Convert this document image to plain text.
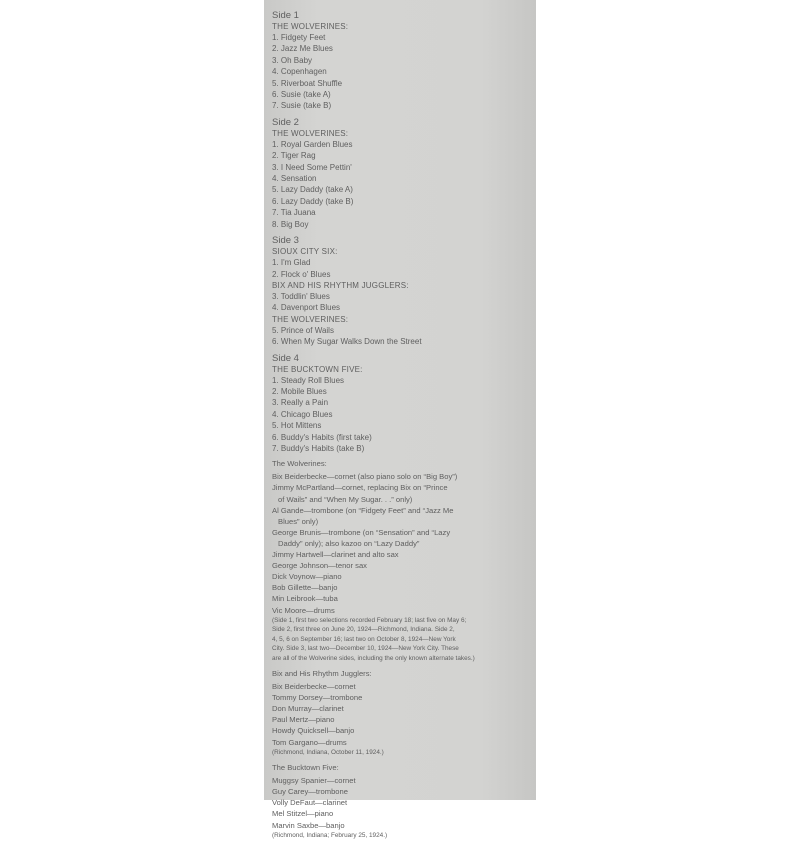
Side 1
THE WOLVERINES:
1. Fidgety Feet
2. Jazz Me Blues
3. Oh Baby
4. Copenhagen
5. Riverboat Shuffle
6. Susie (take A)
7. Susie (take B)
Side 2
THE WOLVERINES:
1. Royal Garden Blues
2. Tiger Rag
3. I Need Some Pettin'
4. Sensation
5. Lazy Daddy (take A)
6. Lazy Daddy (take B)
7. Tia Juana
8. Big Boy
Side 3
SIOUX CITY SIX:
1. I'm Glad
2. Flock o' Blues
BIX AND HIS RHYTHM JUGGLERS:
3. Toddlin' Blues
4. Davenport Blues
THE WOLVERINES:
5. Prince of Wails
6. When My Sugar Walks Down the Street
Side 4
THE BUCKTOWN FIVE:
1. Steady Roll Blues
2. Mobile Blues
3. Really a Pain
4. Chicago Blues
5. Hot Mittens
6. Buddy's Habits (first take)
7. Buddy's Habits (take B)
The Wolverines:
Bix Beiderbecke—cornet (also piano solo on “Big Boy”)
Jimmy McPartland—cornet, replacing Bix on “Prince
of Wails” and “When My Sugar. . .” only)
Al Gande—trombone (on “Fidgety Feet” and “Jazz Me
Blues” only)
George Brunis—trombone (on “Sensation” and “Lazy
Daddy” only); also kazoo on “Lazy Daddy”
Jimmy Hartwell—clarinet and alto sax
George Johnson—tenor sax
Dick Voynow—piano
Bob Gillette—banjo
Min Leibrook—tuba
Vic Moore—drums
(Side 1, first two selections recorded February 18; last five on May 6;
Side 2, first three on June 20, 1924—Richmond, Indiana. Side 2,
4, 5, 6 on September 16; last two on October 8, 1924—New York
City. Side 3, last two—December 10, 1924—New York City. These
are all of the Wolverine sides, including the only known alternate takes.)
Bix and His Rhythm Jugglers:
Bix Beiderbecke—cornet
Tommy Dorsey—trombone
Don Murray—clarinet
Paul Mertz—piano
Howdy Quicksell—banjo
Tom Gargano—drums
(Richmond, Indiana, October 11, 1924.)
The Bucktown Five:
Muggsy Spanier—cornet
Guy Carey—trombone
Volly DeFaut—clarinet
Mel Stitzel—piano
Marvin Saxbe—banjo
(Richmond, Indiana; February 25, 1924.)
